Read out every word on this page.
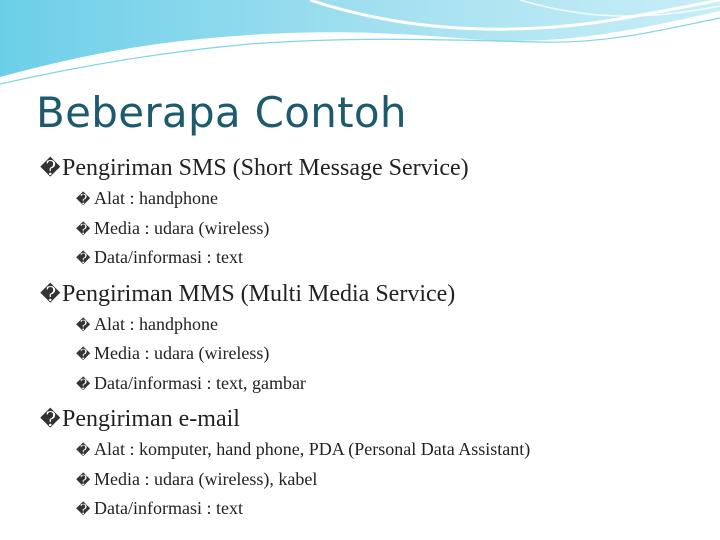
Beberapa Contoh
�Pengiriman SMS (Short Message Service)
� Alat : handphone
� Media : udara (wireless)
� Data/informasi : text
�Pengiriman MMS (Multi Media Service)
� Alat : handphone
� Media : udara (wireless)
� Data/informasi : text, gambar
�Pengiriman e-mail
� Alat : komputer, hand phone, PDA (Personal Data Assistant)
� Media : udara (wireless), kabel
� Data/informasi : text
